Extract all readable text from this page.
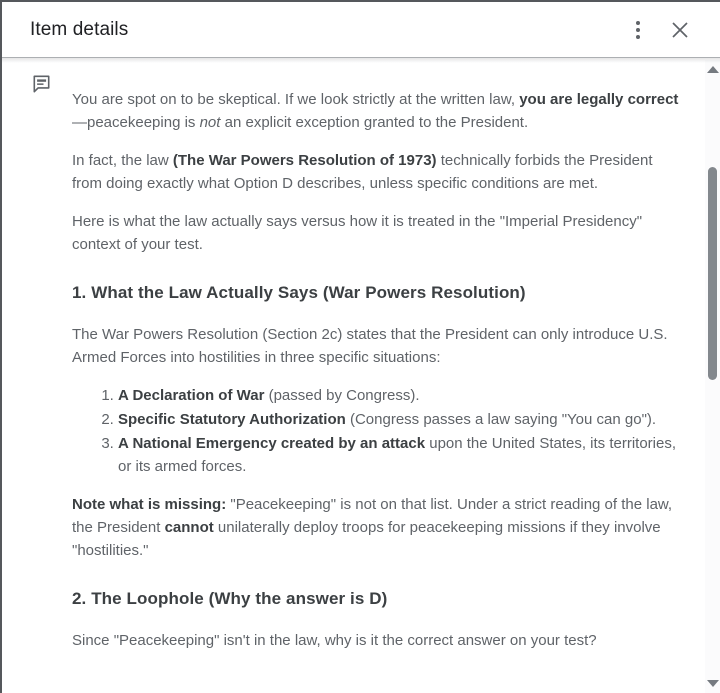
Item details

You are spot on to be skeptical. If we look strictly at the written law, you are legally correct—peacekeeping is not an explicit exception granted to the President.

In fact, the law (The War Powers Resolution of 1973) technically forbids the President from doing exactly what Option D describes, unless specific conditions are met.

Here is what the law actually says versus how it is treated in the "Imperial Presidency" context of your test.

1. What the Law Actually Says (War Powers Resolution)

The War Powers Resolution (Section 2c) states that the President can only introduce U.S. Armed Forces into hostilities in three specific situations:

1. A Declaration of War (passed by Congress).
2. Specific Statutory Authorization (Congress passes a law saying "You can go").
3. A National Emergency created by an attack upon the United States, its territories, or its armed forces.

Note what is missing: "Peacekeeping" is not on that list. Under a strict reading of the law, the President cannot unilaterally deploy troops for peacekeeping missions if they involve "hostilities."

2. The Loophole (Why the answer is D)

Since "Peacekeeping" isn't in the law, why is it the correct answer on your test?
